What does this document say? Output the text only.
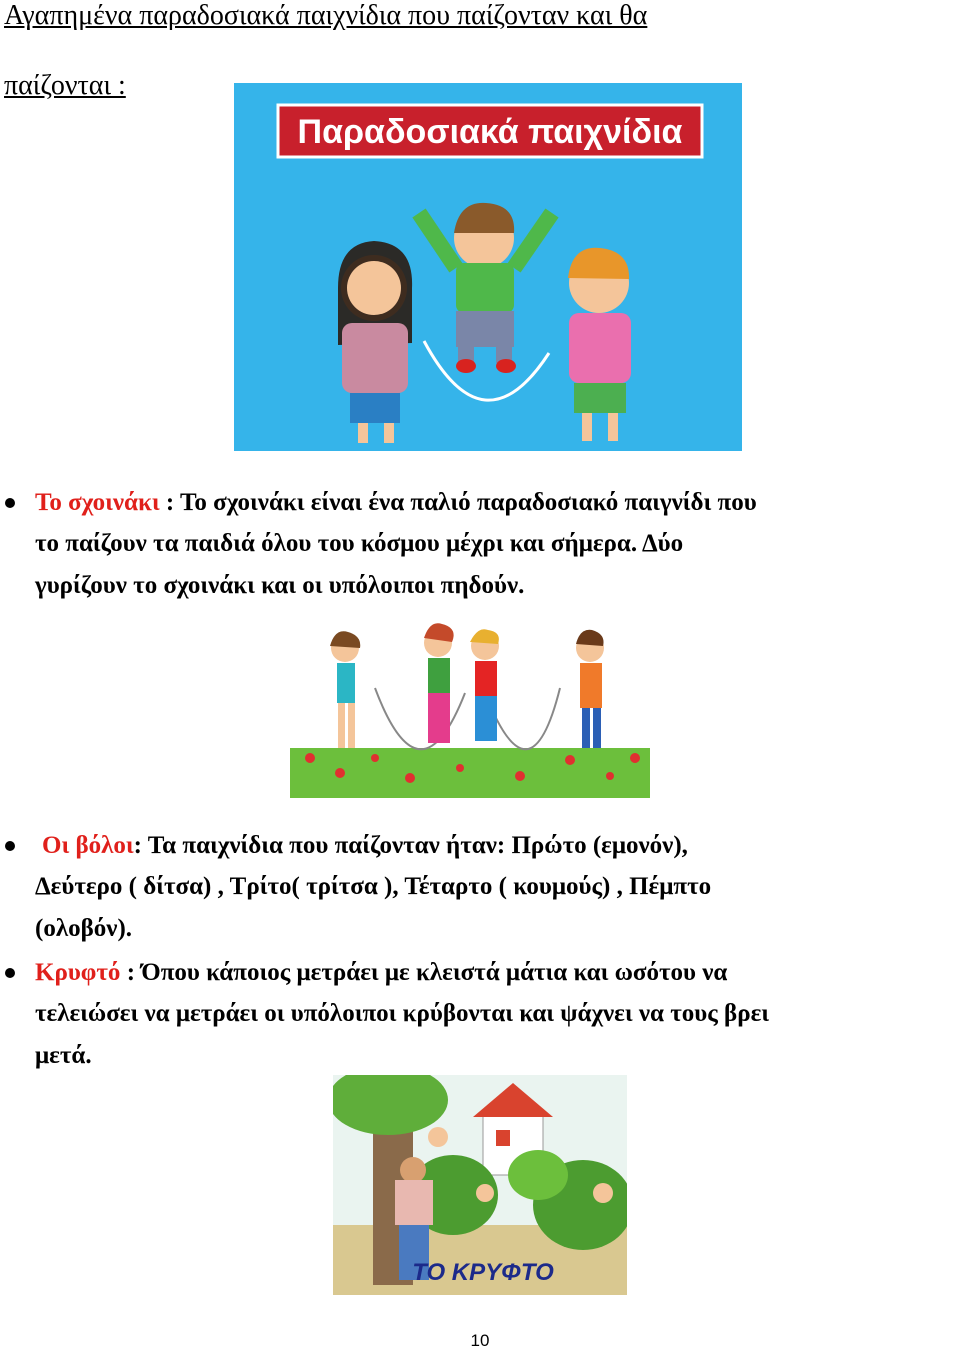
Αγαπημένα παραδοσιακά παιχνίδια που παίζονταν και θα
παίζονται :
Παραδοσιακά παιχνίδια
Το σχοινάκι : Το σχοινάκι είναι ένα παλιό παραδοσιακό παιγνίδι που
το παίζουν τα παιδιά όλου του κόσμου μέχρι και σήμερα. Δύο
γυρίζουν το σχοινάκι και οι υπόλοιποι πηδούν.
Οι βόλοι: Τα παιχνίδια που παίζονταν ήταν: Πρώτο (εμονόν),
Δεύτερο ( δίτσα) , Τρίτο( τρίτσα ), Τέταρτο ( κουμούς) , Πέμπτο
(ολοβόν).
Κρυφτό : Όπου κάποιος μετράει με κλειστά μάτια και ωσότου να
τελειώσει να μετράει οι υπόλοιποι κρύβονται και ψάχνει να τους βρει
μετά.
ΤΟ ΚΡΥΦΤΟ
10
